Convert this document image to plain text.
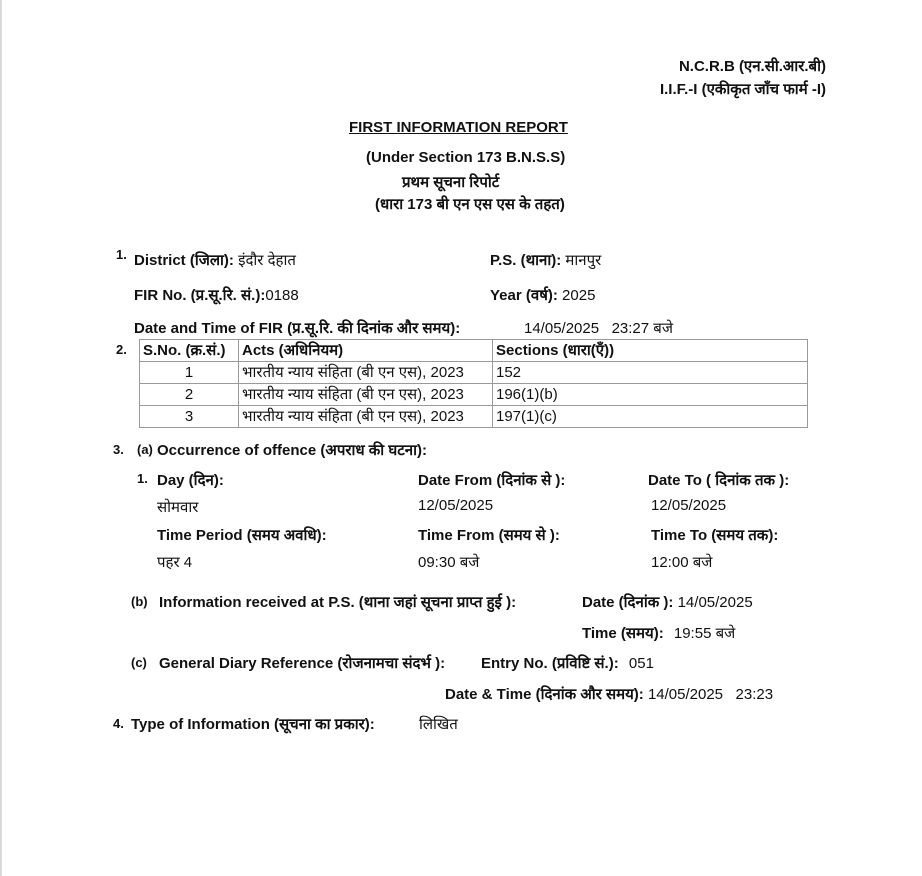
N.C.R.B (एन.सी.आर.बी)
I.I.F.-I (एकीकृत जाँच फार्म -I)
FIRST INFORMATION REPORT
(Under Section 173 B.N.S.S)
प्रथम सूचना रिपोर्ट
(धारा 173 बी एन एस एस के तहत)
1. District (जिला): इंदौर देहात	P.S. (थाना): मानपुर
FIR No. (प्र.सू.रि. सं.):0188	Year (वर्ष): 2025
Date and Time of FIR (प्र.सू.रि. की दिनांक और समय):	14/05/2025   23:27 बजे
2. S.No. (क्र.सं.)	Acts (अधिनियम)	Sections (धारा(एँ))
1	भारतीय न्याय संहिता (बी एन एस), 2023	152
2	भारतीय न्याय संहिता (बी एन एस), 2023	196(1)(b)
3	भारतीय न्याय संहिता (बी एन एस), 2023	197(1)(c)
3. (a) Occurrence of offence (अपराध की घटना):
1. Day (दिन):
सोमवार
Date From (दिनांक से ):
12/05/2025
Date To ( दिनांक तक ):
12/05/2025
Time Period (समय अवधि):
पहर 4
Time From (समय से ):
09:30 बजे
Time To (समय तक):
12:00 बजे
(b) Information received at P.S. (थाना जहां सूचना प्राप्त हुई ):	Date (दिनांक ): 14/05/2025
Time (समय): 19:55 बजे
(c) General Diary Reference (रोजनामचा संदर्भ ): Entry No. (प्रविष्टि सं.): 051
Date & Time (दिनांक और समय): 14/05/2025   23:23
4. Type of Information (सूचना का प्रकार):	लिखित
